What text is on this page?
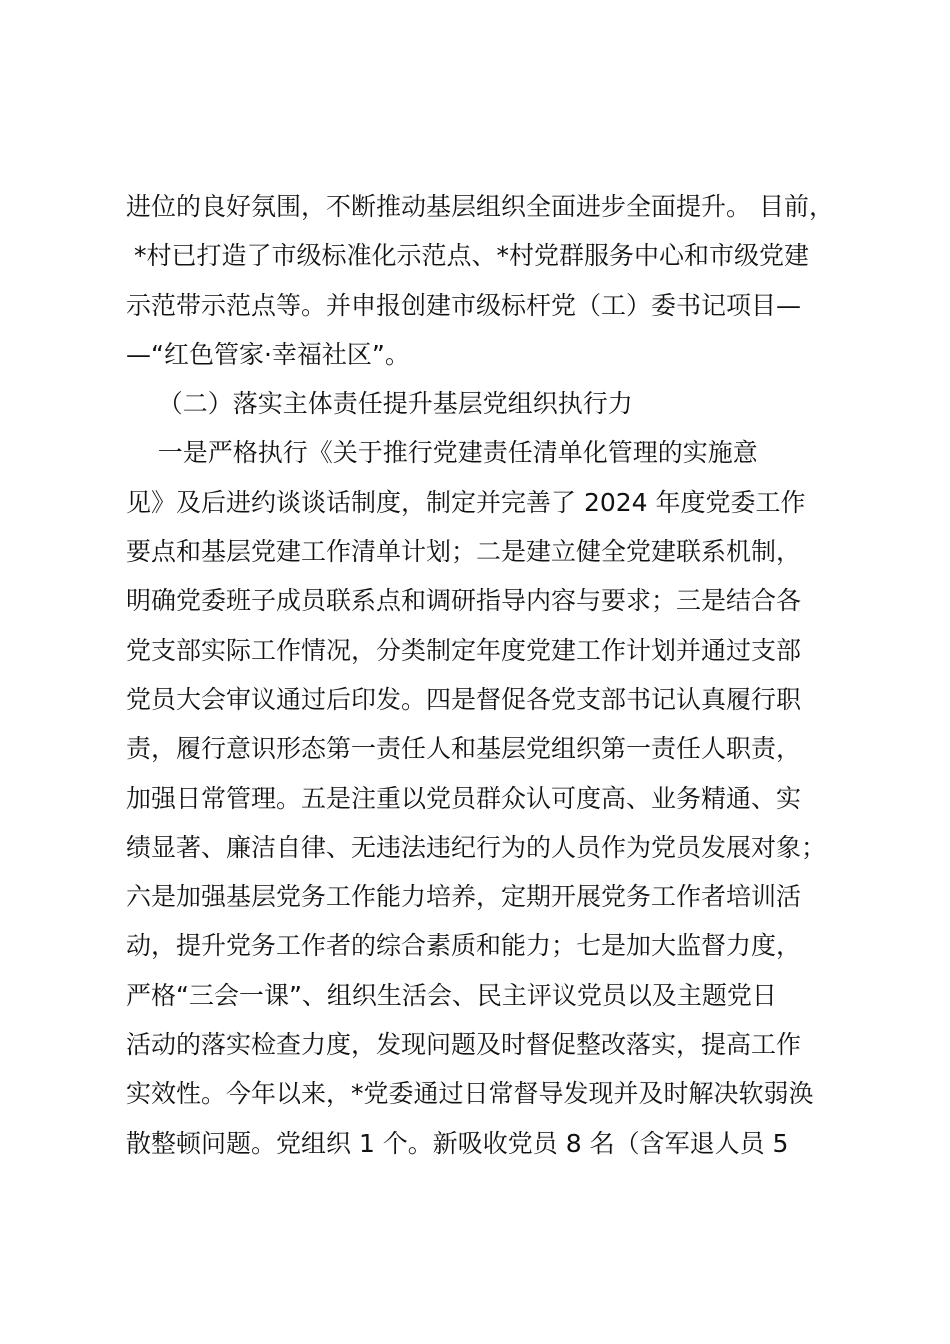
进位的良好氛围，不断推动基层组织全面进步全面提升。 目前，
*村已打造了市级标准化示范点、*村党群服务中心和市级党建
示范带示范点等。并申报创建市级标杆党（工）委书记项目—
—“红色管家·幸福社区”。
（二）落实主体责任提升基层党组织执行力
一是严格执行《关于推行党建责任清单化管理的实施意
见》及后进约谈谈话制度，制定并完善了 2024 年度党委工作
要点和基层党建工作清单计划；二是建立健全党建联系机制，
明确党委班子成员联系点和调研指导内容与要求；三是结合各
党支部实际工作情况，分类制定年度党建工作计划并通过支部
党员大会审议通过后印发。四是督促各党支部书记认真履行职
责，履行意识形态第一责任人和基层党组织第一责任人职责，
加强日常管理。五是注重以党员群众认可度高、业务精通、实
绩显著、廉洁自律、无违法违纪行为的人员作为党员发展对象；
六是加强基层党务工作能力培养，定期开展党务工作者培训活
动，提升党务工作者的综合素质和能力；七是加大监督力度，
严格“三会一课”、组织生活会、民主评议党员以及主题党日
活动的落实检查力度，发现问题及时督促整改落实，提高工作
实效性。今年以来，*党委通过日常督导发现并及时解决软弱涣
散整顿问题。党组织 1 个。新吸收党员 8 名（含军退人员 5
